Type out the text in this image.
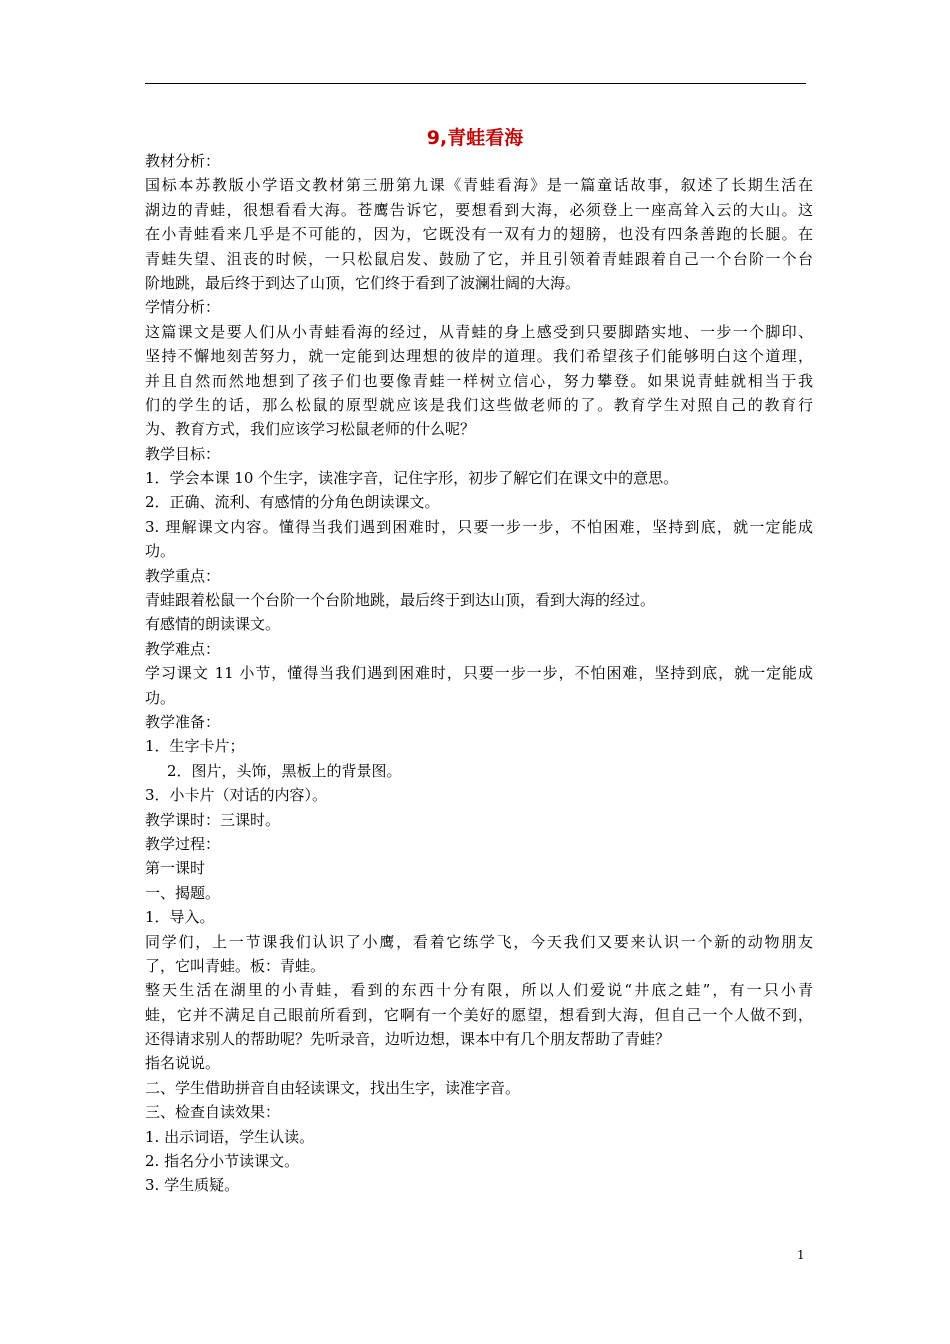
9,青蛙看海
教材分析：
国标本苏教版小学语文教材第三册第九课《青蛙看海》是一篇童话故事，叙述了长期生活在
湖边的青蛙，很想看看大海。苍鹰告诉它，要想看到大海，必须登上一座高耸入云的大山。这
在小青蛙看来几乎是不可能的，因为，它既没有一双有力的翅膀，也没有四条善跑的长腿。在
青蛙失望、沮丧的时候，一只松鼠启发、鼓励了它，并且引领着青蛙跟着自己一个台阶一个台
阶地跳，最后终于到达了山顶，它们终于看到了波澜壮阔的大海。
学情分析：
这篇课文是要人们从小青蛙看海的经过，从青蛙的身上感受到只要脚踏实地、一步一个脚印、
坚持不懈地刻苦努力，就一定能到达理想的彼岸的道理。我们希望孩子们能够明白这个道理，
并且自然而然地想到了孩子们也要像青蛙一样树立信心，努力攀登。如果说青蛙就相当于我
们的学生的话，那么松鼠的原型就应该是我们这些做老师的了。教育学生对照自己的教育行
为、教育方式，我们应该学习松鼠老师的什么呢？
教学目标：
1．学会本课 10 个生字，读准字音，记住字形，初步了解它们在课文中的意思。
2．正确、流利、有感情的分角色朗读课文。
3. 理解课文内容。懂得当我们遇到困难时，只要一步一步，不怕困难，坚持到底，就一定能成
功。
教学重点：
青蛙跟着松鼠一个台阶一个台阶地跳，最后终于到达山顶，看到大海的经过。
有感情的朗读课文。
教学难点：
学习课文 11 小节，懂得当我们遇到困难时，只要一步一步，不怕困难，坚持到底，就一定能成
功。
教学准备：
1．生字卡片；
2．图片，头饰，黑板上的背景图。
3．小卡片（对话的内容）。
教学课时：三课时。
教学过程：
第一课时
一、揭题。
1．导入。
同学们，上一节课我们认识了小鹰，看着它练学飞，今天我们又要来认识一个新的动物朋友
了，它叫青蛙。板：青蛙。
整天生活在湖里的小青蛙，看到的东西十分有限，所以人们爱说“井底之蛙”，有一只小青
蛙，它并不满足自己眼前所看到，它啊有一个美好的愿望，想看到大海，但自己一个人做不到，
还得请求别人的帮助呢？先听录音，边听边想，课本中有几个朋友帮助了青蛙？
指名说说。
二、学生借助拼音自由轻读课文，找出生字，读准字音。
三、检查自读效果：
1. 出示词语，学生认读。
2. 指名分小节读课文。
3. 学生质疑。
1
